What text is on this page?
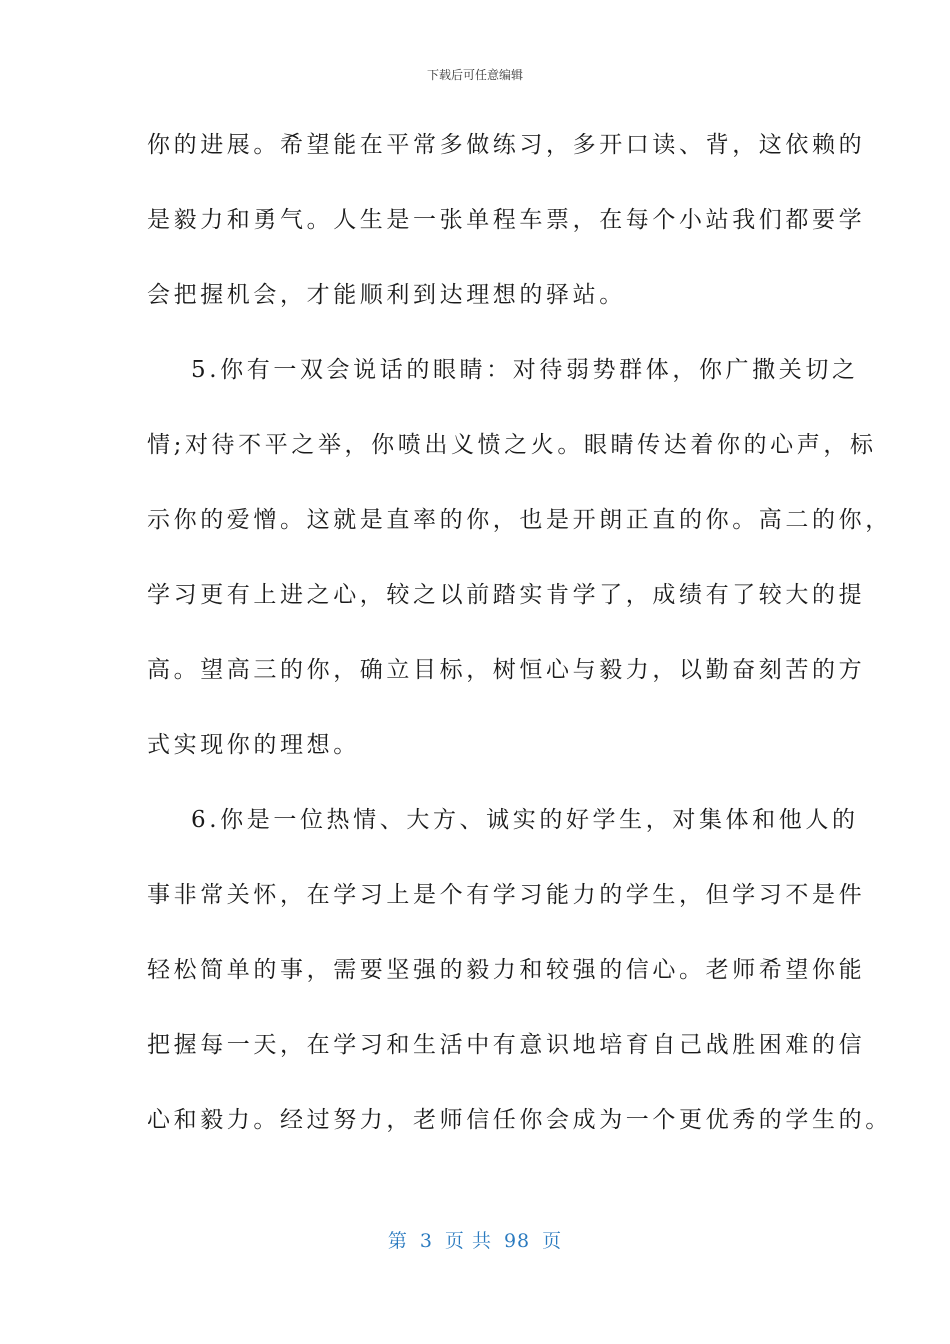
下载后可任意编辑
你的进展。希望能在平常多做练习，多开口读、背，这依赖的
是毅力和勇气。人生是一张单程车票，在每个小站我们都要学
会把握机会，才能顺利到达理想的驿站。
5.你有一双会说话的眼睛：对待弱势群体，你广撒关切之
情;对待不平之举，你喷出义愤之火。眼睛传达着你的心声，标
示你的爱憎。这就是直率的你，也是开朗正直的你。高二的你，
学习更有上进之心，较之以前踏实肯学了，成绩有了较大的提
高。望高三的你，确立目标，树恒心与毅力，以勤奋刻苦的方
式实现你的理想。
6.你是一位热情、大方、诚实的好学生，对集体和他人的
事非常关怀，在学习上是个有学习能力的学生，但学习不是件
轻松简单的事，需要坚强的毅力和较强的信心。老师希望你能
把握每一天，在学习和生活中有意识地培育自己战胜困难的信
心和毅力。经过努力，老师信任你会成为一个更优秀的学生的。
第 3 页 共 98 页
